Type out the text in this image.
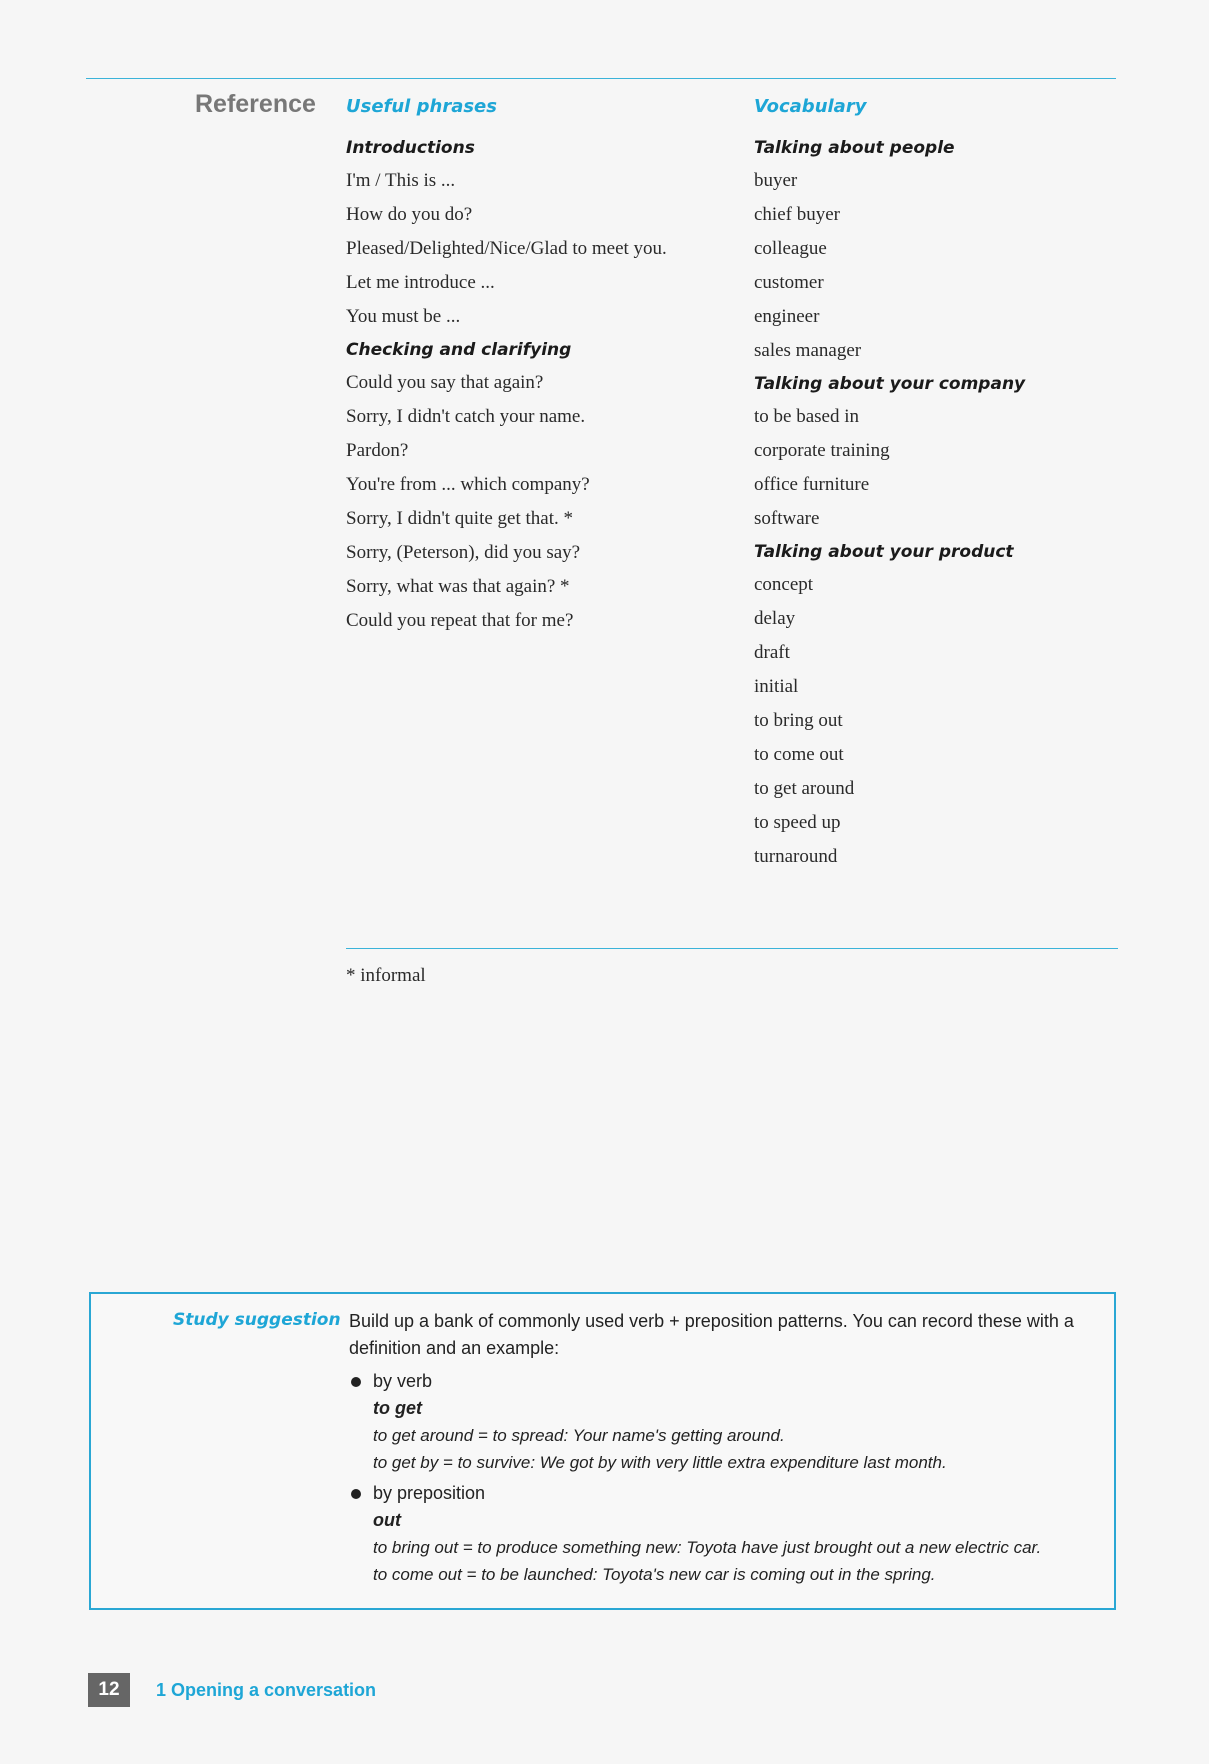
Reference Useful phrases
Introductions
I'm / This is ...
How do you do?
Pleased/Delighted/Nice/Glad to meet you.
Let me introduce ...
You must be ...
Checking and clarifying
Could you say that again?
Sorry, I didn't catch your name.
Pardon?
You're from ... which company?
Sorry, I didn't quite get that. *
Sorry, (Peterson), did you say?
Sorry, what was that again? *
Could you repeat that for me?
Vocabulary
Talking about people
buyer
chief buyer
colleague
customer
engineer
sales manager
Talking about your company
to be based in
corporate training
office furniture
software
Talking about your product
concept
delay
draft
initial
to bring out
to come out
to get around
to speed up
turnaround
* informal
Study suggestion Build up a bank of commonly used verb + preposition patterns. You can record these with a definition and an example:
by verb
to get
to get around = to spread: Your name's getting around.
to get by = to survive: We got by with very little extra expenditure last month.
by preposition
out
to bring out = to produce something new: Toyota have just brought out a new electric car.
to come out = to be launched: Toyota's new car is coming out in the spring.
12	1 Opening a conversation
